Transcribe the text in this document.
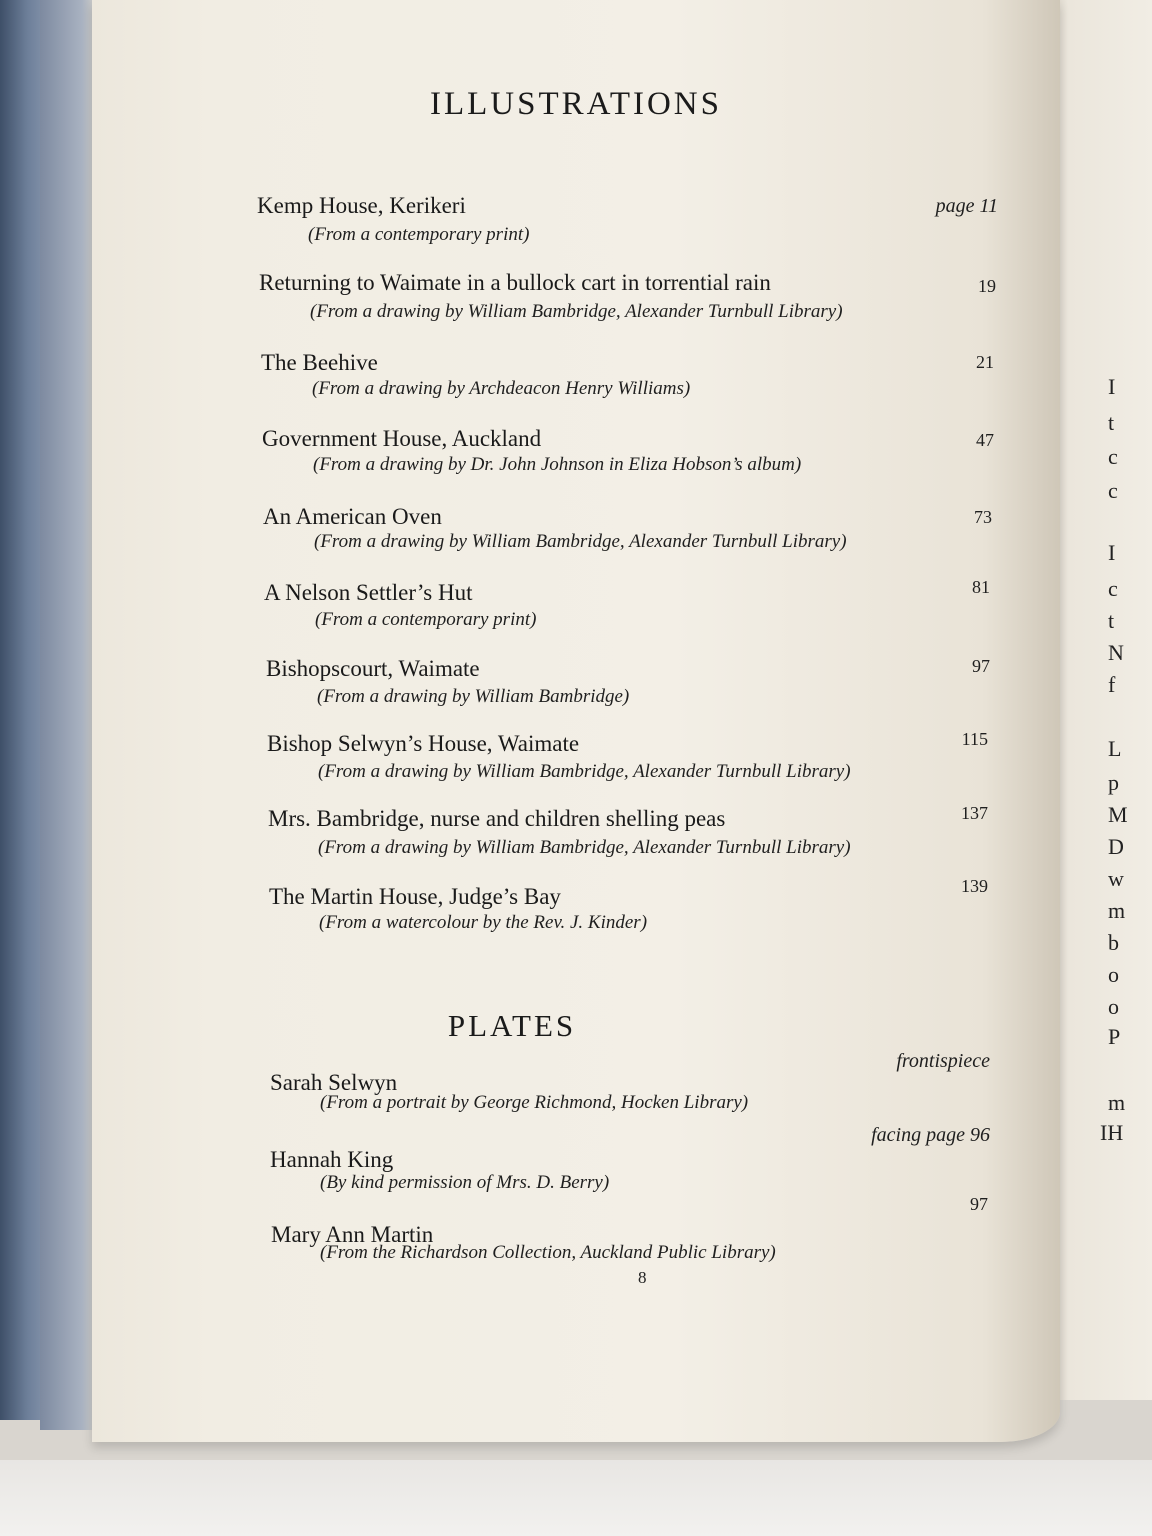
I
t
c
c
I
c
t
N
f
L
p
M
D
w
m
b
o
o
P
m
IH
ILLUSTRATIONS
Kemp House, Kerikeri
(From a contemporary print)
page 11
Returning to Waimate in a bullock cart in torrential rain
(From a drawing by William Bambridge, Alexander Turnbull Library)
19
The Beehive
(From a drawing by Archdeacon Henry Williams)
21
Government House, Auckland
(From a drawing by Dr. John Johnson in Eliza Hobson’s album)
47
An American Oven
(From a drawing by William Bambridge, Alexander Turnbull Library)
73
A Nelson Settler’s Hut
(From a contemporary print)
81
Bishopscourt, Waimate
(From a drawing by William Bambridge)
97
Bishop Selwyn’s House, Waimate
(From a drawing by William Bambridge, Alexander Turnbull Library)
115
Mrs. Bambridge, nurse and children shelling peas
(From a drawing by William Bambridge, Alexander Turnbull Library)
137
The Martin House, Judge’s Bay
(From a watercolour by the Rev. J. Kinder)
139
PLATES
Sarah Selwyn
(From a portrait by George Richmond, Hocken Library)
frontispiece
Hannah King
(By kind permission of Mrs. D. Berry)
facing page 96
Mary Ann Martin
(From the Richardson Collection, Auckland Public Library)
97
8
